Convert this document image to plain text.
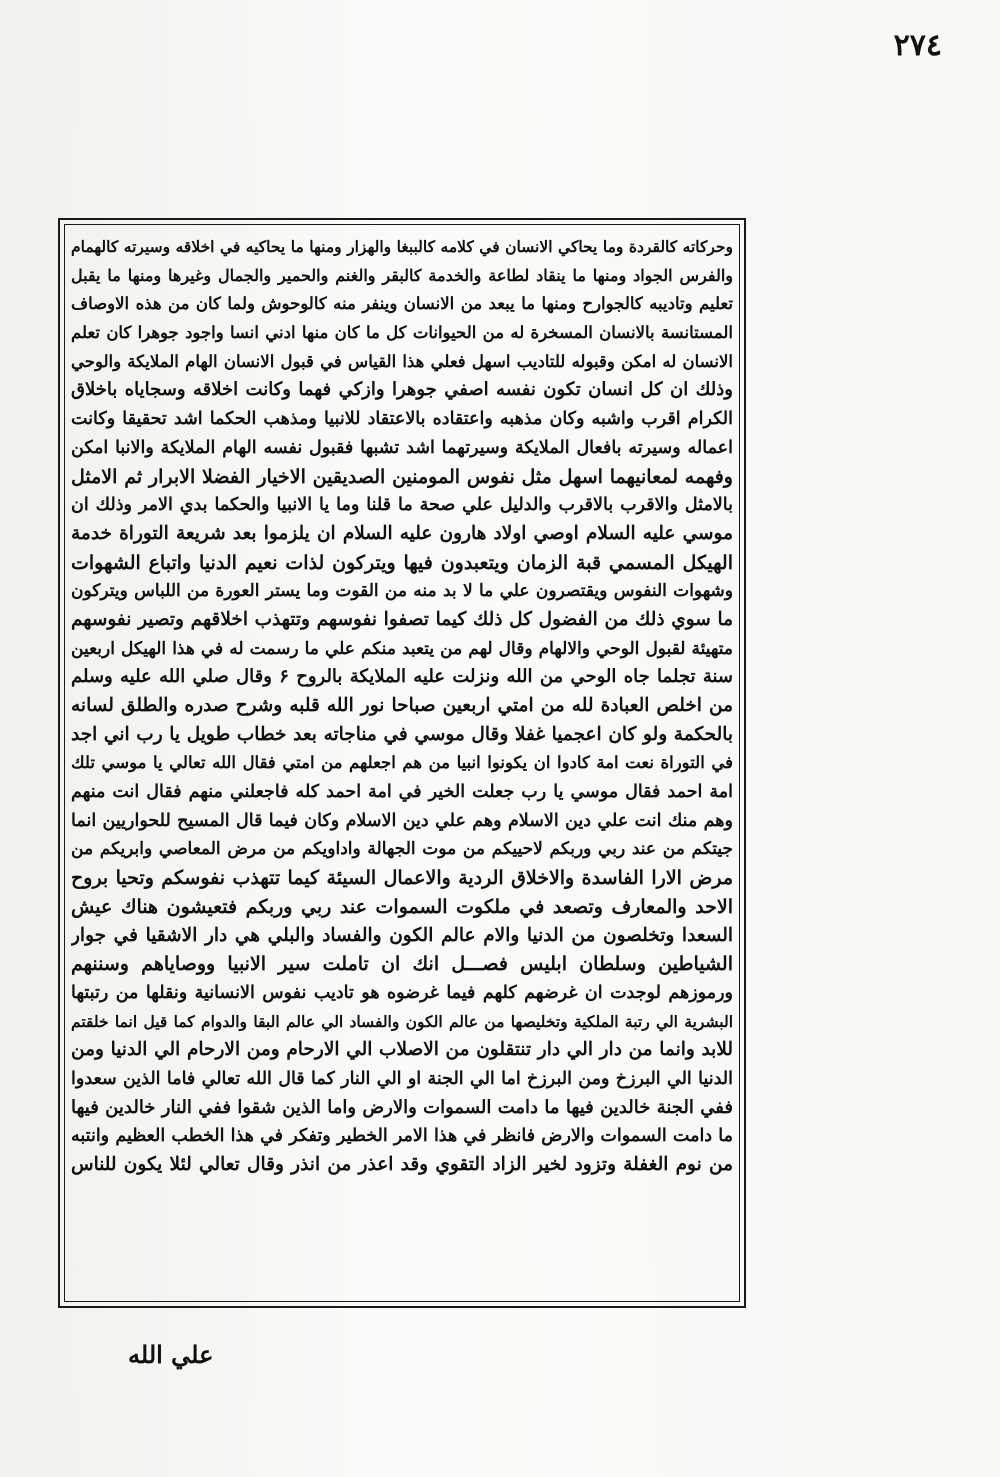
٢٧٤
وحركاته كالقردة وما يحاكي الانسان في كلامه كالببغا والهزار ومنها ما يحاكيه في اخلاقه وسيرته كالهمام
والفرس الجواد ومنها ما ينقاد لطاعة والخدمة كالبقر والغنم والحمير والجمال وغيرها ومنها ما يقبل
تعليم وتاديبه كالجوارح ومنها ما يبعد من الانسان وينفر منه كالوحوش ولما كان من هذه الاوصاف
المستانسة بالانسان المسخرة له من الحيوانات كل ما كان منها ادني انسا واجود جوهرا كان تعلم
الانسان له امكن وقبوله للتاديب اسهل فعلي هذا القياس في قبول الانسان الهام الملايكة والوحي
وذلك ان كل انسان تكون نفسه اصفي جوهرا وازكي فهما وكانت اخلاقه وسجاياه باخلاق
الكرام اقرب واشبه وكان مذهبه واعتقاده بالاعتقاد للانبيا ومذهب الحكما اشد تحقيقا وكانت
اعماله وسيرته بافعال الملايكة وسيرتهما اشد تشبها فقبول نفسه الهام الملايكة والانبا امكن
وفهمه لمعانيهما اسهل مثل نفوس المومنين الصديقين الاخيار الفضلا الابرار ثم الامثل
بالامثل والاقرب بالاقرب والدليل علي صحة ما قلنا وما يا الانبيا والحكما بدي الامر وذلك ان
موسي عليه السلام اوصي اولاد هارون عليه السلام ان يلزموا بعد شريعة التوراة خدمة
الهيكل المسمي قبة الزمان ويتعبدون فيها ويتركون لذات نعيم الدنيا واتباع الشهوات
وشهوات النفوس ويقتصرون علي ما لا بد منه من القوت وما يستر العورة من اللباس ويتركون
ما سوي ذلك من الفضول كل ذلك كيما تصفوا نفوسهم وتتهذب اخلاقهم وتصير نفوسهم
متهيئة لقبول الوحي والالهام وقال لهم من يتعبد منكم علي ما رسمت له في هذا الهيكل اربعين
سنة تجلما جاه الوحي من الله ونزلت عليه الملايكة بالروح ۶ وقال صلي الله عليه وسلم
من اخلص العبادة لله من امتي اربعين صباحا نور الله قلبه وشرح صدره والطلق لسانه
بالحكمة ولو كان اعجميا غفلا وقال موسي في مناجاته بعد خطاب طويل يا رب اني اجد
في التوراة نعت امة كادوا ان يكونوا انبيا من هم اجعلهم من امتي فقال الله تعالي يا موسي تلك
امة احمد فقال موسي يا رب جعلت الخير في امة احمد كله فاجعلني منهم فقال انت منهم
وهم منك انت علي دين الاسلام وهم علي دين الاسلام وكان فيما قال المسيح للحواريين انما
جيتكم من عند ربي وربكم لاحييكم من موت الجهالة واداويكم من مرض المعاصي وابريكم من
مرض الارا الفاسدة والاخلاق الردية والاعمال السيئة كيما تتهذب نفوسكم وتحيا بروح
الاحد والمعارف وتصعد في ملكوت السموات عند ربي وربكم فتعيشون هناك عيش
السعدا وتخلصون من الدنيا والام عالم الكون والفساد والبلي هي دار الاشقيا في جوار
الشياطين وسلطان ابليس فصـــل انك ان تاملت سير الانبيا ووصاياهم وسننهم
ورموزهم لوجدت ان غرضهم كلهم فيما غرضوه هو تاديب نفوس الانسانية ونقلها من رتبتها
البشرية الي رتبة الملكية وتخليصها من عالم الكون والفساد الي عالم البقا والدوام كما قيل انما خلقتم
للابد وانما من دار الي دار تنتقلون من الاصلاب الي الارحام ومن الارحام الي الدنيا ومن
الدنيا الي البرزخ ومن البرزخ اما الي الجنة او الي النار كما قال الله تعالي فاما الذين سعدوا
ففي الجنة خالدين فيها ما دامت السموات والارض واما الذين شقوا ففي النار خالدين فيها
ما دامت السموات والارض فانظر في هذا الامر الخطير وتفكر في هذا الخطب العظيم وانتبه
من نوم الغفلة وتزود لخير الزاد التقوي وقد اعذر من انذر وقال تعالي لئلا يكون للناس
علي الله
